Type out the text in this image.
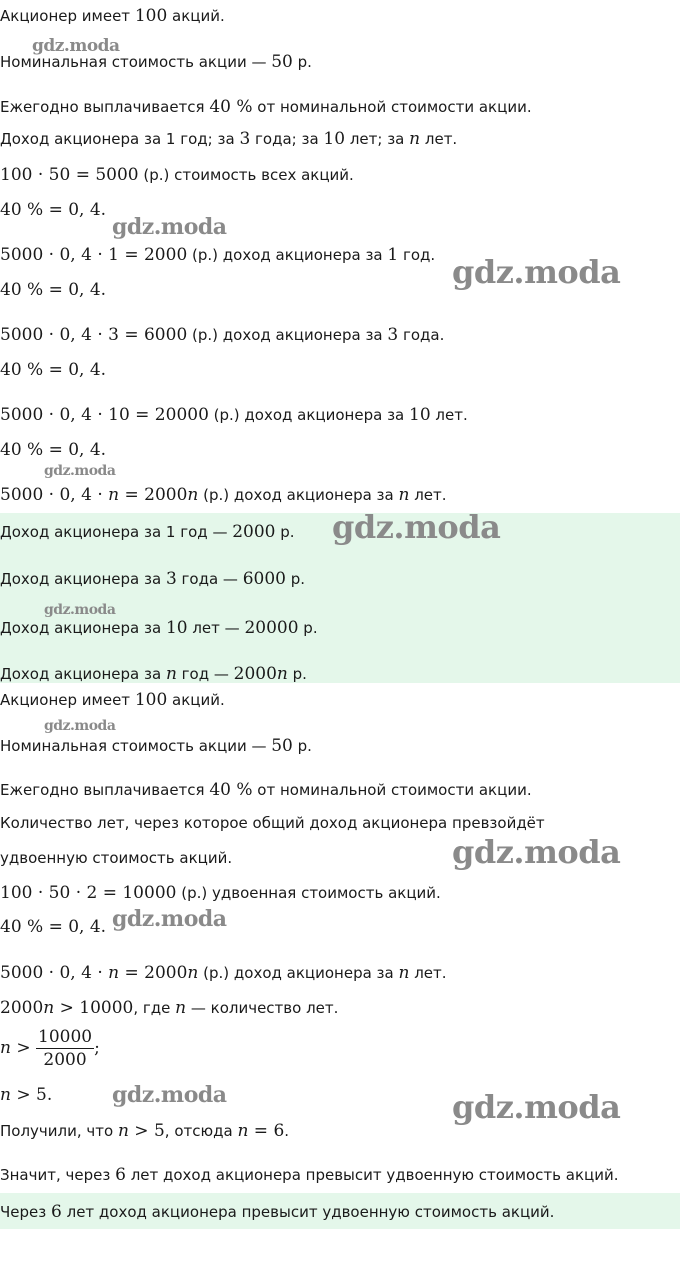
Акционер имеет 100 акций.
Номинальная стоимость акции — 50 р.
Ежегодно выплачивается 40 % от номинальной стоимости акции.
Доход акционера за 1 год; за 3 года; за 10 лет; за n лет.
100 · 50 = 5000 (р.) стоимость всех акций.
40 % = 0, 4.
5000 · 0, 4 · 1 = 2000 (р.) доход акционера за 1 год.
40 % = 0, 4.
5000 · 0, 4 · 3 = 6000 (р.) доход акционера за 3 года.
40 % = 0, 4.
5000 · 0, 4 · 10 = 20000 (р.) доход акционера за 10 лет.
40 % = 0, 4.
5000 · 0, 4 · n = 2000n (р.) доход акционера за n лет.
Доход акционера за 1 год — 2000 р.
Доход акционера за 3 года — 6000 р.
Доход акционера за 10 лет — 20000 р.
Доход акционера за n год — 2000n р.
Акционер имеет 100 акций.
Номинальная стоимость акции — 50 р.
Ежегодно выплачивается 40 % от номинальной стоимости акции.
Количество лет, через которое общий доход акционера превзойдёт
удвоенную стоимость акций.
100 · 50 · 2 = 10000 (р.) удвоенная стоимость акций.
40 % = 0, 4.
5000 · 0, 4 · n = 2000n (р.) доход акционера за n лет.
2000n > 10000, где n — количество лет.
$n > \frac{10000}{2000}$ ;
n > 5.
Получили, что n > 5, отсюда n = 6.
Значит, через 6 лет доход акционера превысит удвоенную стоимость акций.
Через 6 лет доход акционера превысит удвоенную стоимость акций.
gdz.moda
gdz.moda
gdz.moda
gdz.moda
gdz.moda
gdz.moda
gdz.moda
gdz.moda
gdz.moda
gdz.moda	gdz.moda
